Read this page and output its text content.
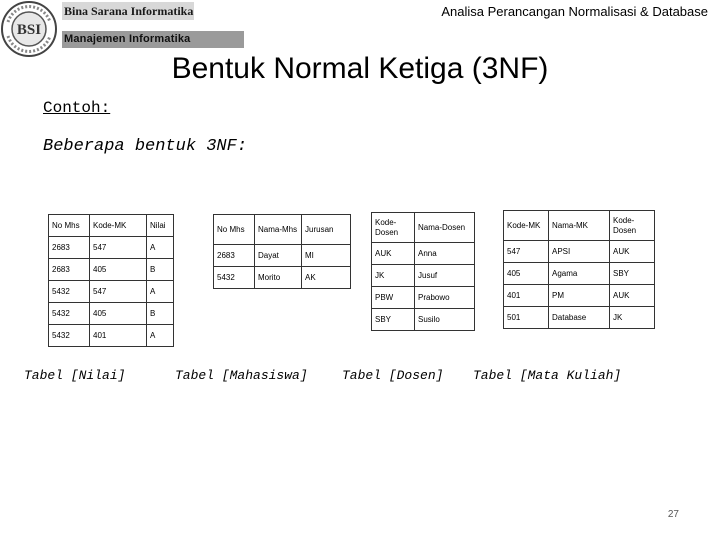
BSI
Bina Sarana Informatika
Manajemen Informatika
Analisa Perancangan Normalisasi & Database
Bentuk Normal Ketiga (3NF)
Contoh:
Beberapa bentuk 3NF:
No Mhs	Kode-MK	Nilai
2683	547	A
2683	405	B
5432	547	A
5432	405	B
5432	401	A
No Mhs	Nama-Mhs	Jurusan
2683	Dayat	MI
5432	Morito	AK
Kode-Dosen	Nama-Dosen
AUK	Anna
JK	Jusuf
PBW	Prabowo
SBY	Susilo
Kode-MK	Nama-MK	Kode-Dosen
547	APSI	AUK
405	Agama	SBY
401	PM	AUK
501	Database	JK
Tabel [Nilai]	Tabel [Mahasiswa]	Tabel [Dosen] Tabel [Mata Kuliah]
27
